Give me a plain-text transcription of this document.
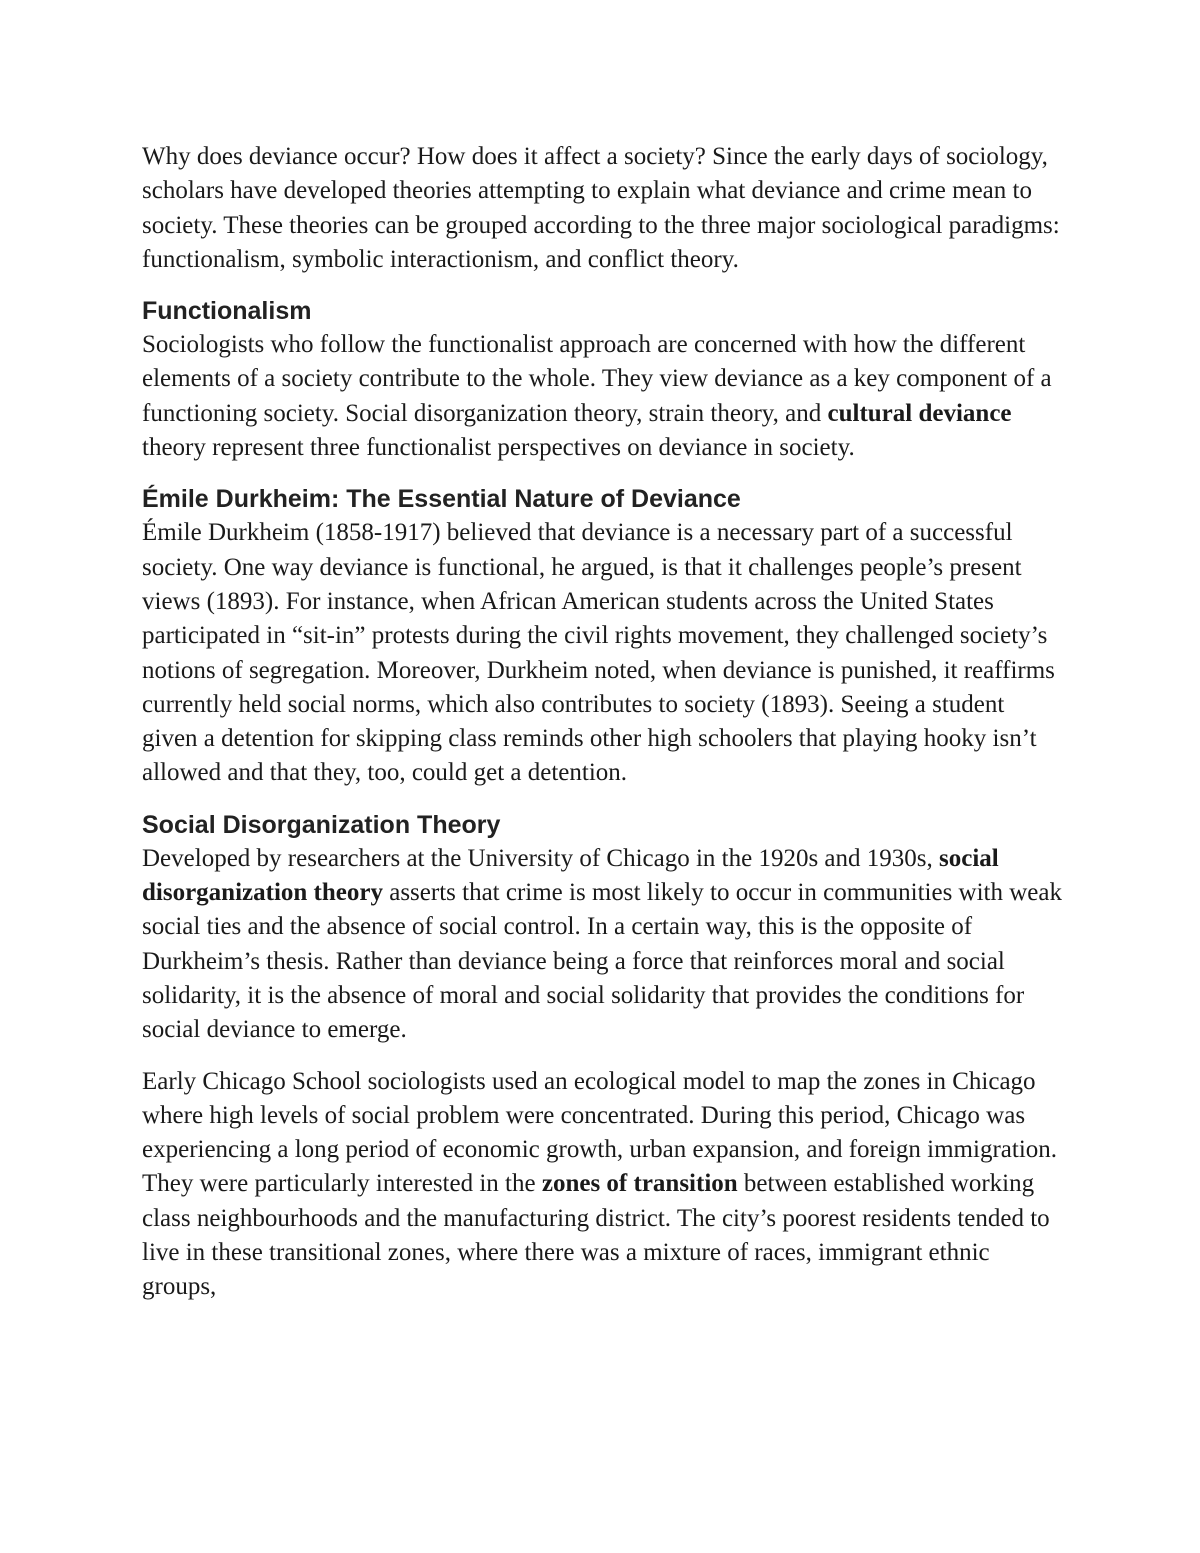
Why does deviance occur? How does it affect a society? Since the early days of sociology, scholars have developed theories attempting to explain what deviance and crime mean to society. These theories can be grouped according to the three major sociological paradigms: functionalism, symbolic interactionism, and conflict theory.

Functionalism

Sociologists who follow the functionalist approach are concerned with how the different elements of a society contribute to the whole. They view deviance as a key component of a functioning society. Social disorganization theory, strain theory, and cultural deviance theory represent three functionalist perspectives on deviance in society.

Émile Durkheim: The Essential Nature of Deviance

Émile Durkheim (1858-1917) believed that deviance is a necessary part of a successful society. One way deviance is functional, he argued, is that it challenges people’s present views (1893). For instance, when African American students across the United States participated in “sit-in” protests during the civil rights movement, they challenged society’s notions of segregation. Moreover, Durkheim noted, when deviance is punished, it reaffirms currently held social norms, which also contributes to society (1893). Seeing a student given a detention for skipping class reminds other high schoolers that playing hooky isn’t allowed and that they, too, could get a detention.

Social Disorganization Theory

Developed by researchers at the University of Chicago in the 1920s and 1930s, social disorganization theory asserts that crime is most likely to occur in communities with weak social ties and the absence of social control. In a certain way, this is the opposite of Durkheim’s thesis. Rather than deviance being a force that reinforces moral and social solidarity, it is the absence of moral and social solidarity that provides the conditions for social deviance to emerge.

Early Chicago School sociologists used an ecological model to map the zones in Chicago where high levels of social problem were concentrated. During this period, Chicago was experiencing a long period of economic growth, urban expansion, and foreign immigration. They were particularly interested in the zones of transition between established working class neighbourhoods and the manufacturing district. The city’s poorest residents tended to live in these transitional zones, where there was a mixture of races, immigrant ethnic groups,
